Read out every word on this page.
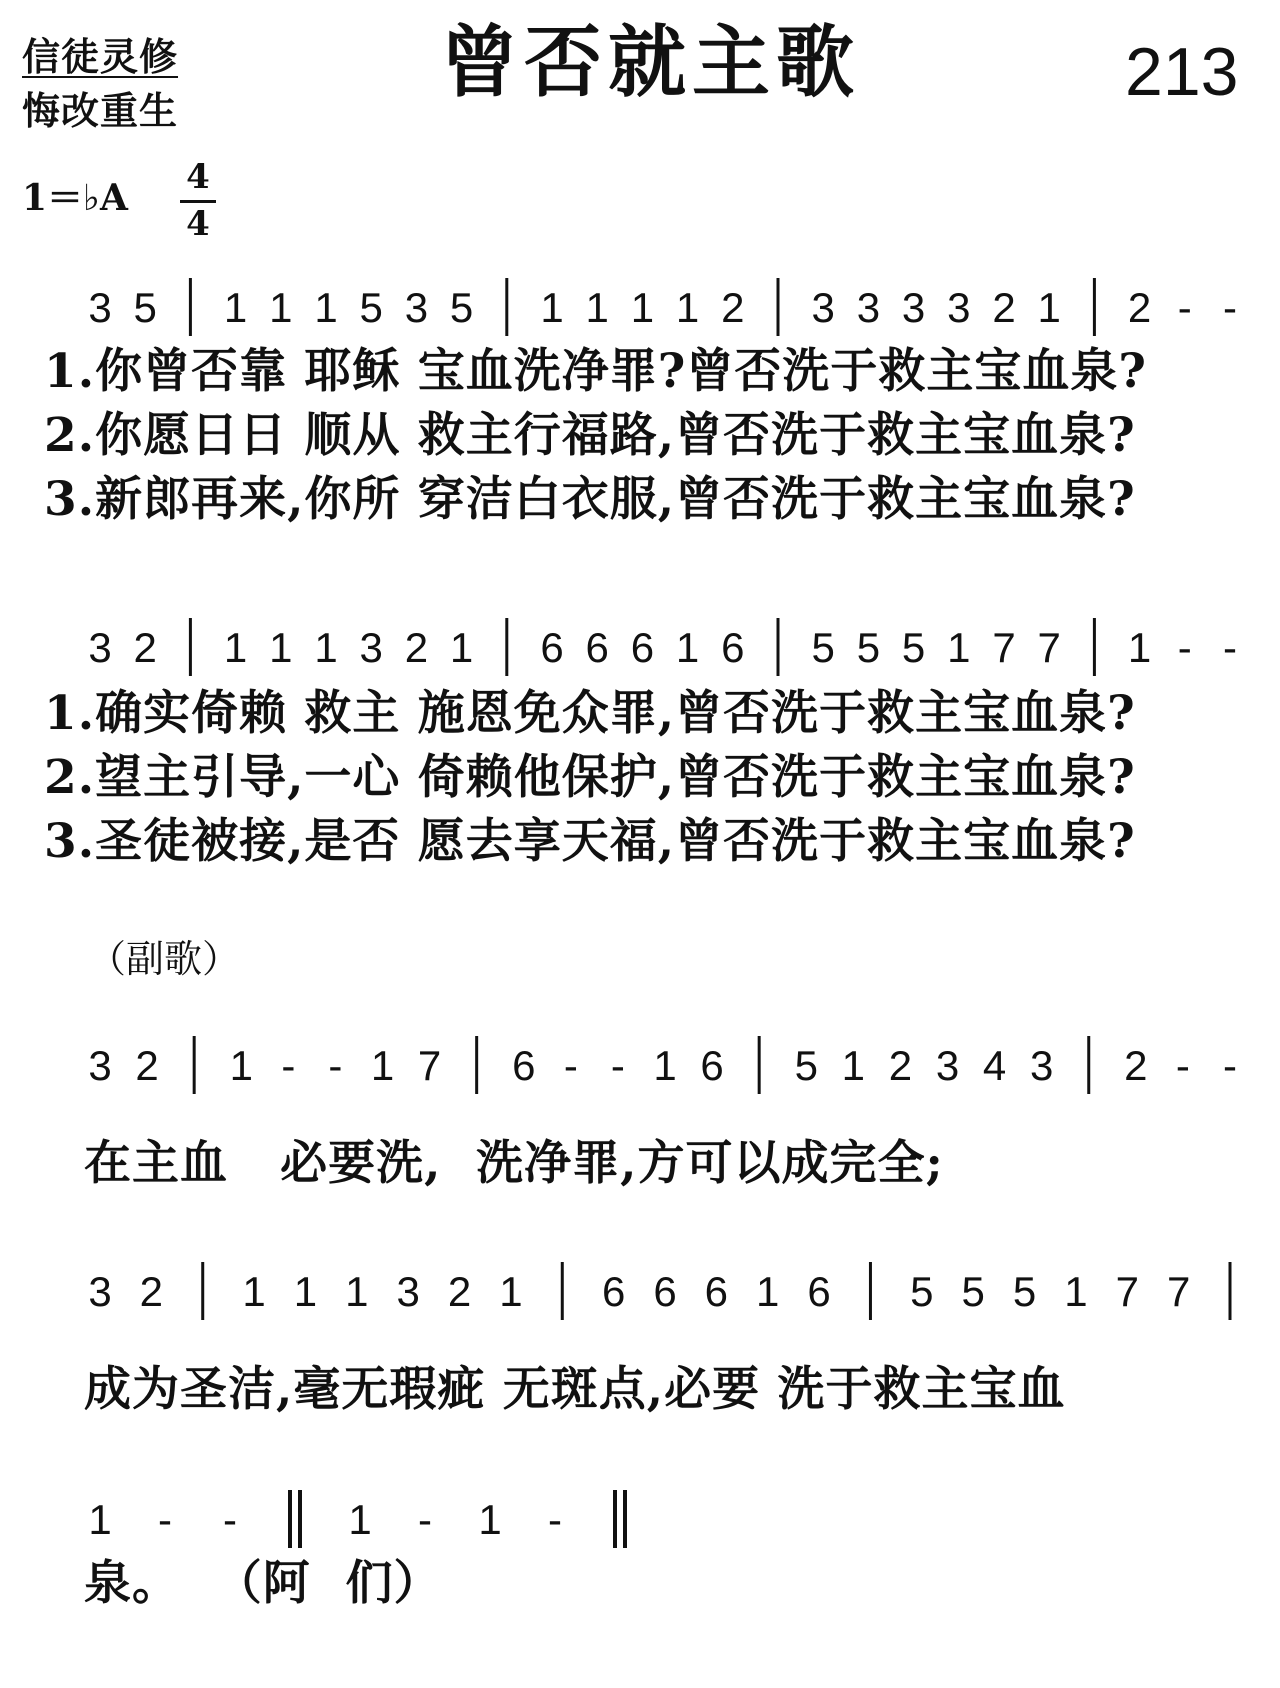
信徒灵修
悔改重生
曾否就主歌	213
1＝♭A 4
4
3 5 1 1 1 5 3 5 1 1 1 1 2 3 3 3 3 2 1 2 - -
3 2 1 1 1 3 2 1 6 6 6 1 6 5 5 5 1 7 7 1 - -
3 2 1 - - 1 7 6 - - 1 6 5 1 2 3 4 3 2 - -
3 2 1 1 1 3 2 1 6 6 6 1 6 5 5 5 1 7 7
1 - -	1 - 1 -
1.你曾否靠 耶稣 宝血洗净罪?曾否洗于救主宝血泉?
2.你愿日日 顺从 救主行福路,曾否洗于救主宝血泉?
3.新郎再来,你所 穿洁白衣服,曾否洗于救主宝血泉?
1.确实倚赖 救主 施恩免众罪,曾否洗于救主宝血泉?
2.望主引导,一心 倚赖他保护,曾否洗于救主宝血泉?
3.圣徒被接,是否 愿去享天福,曾否洗于救主宝血泉?
（副歌）
在主血   必要洗,  洗净罪,方可以成完全;
成为圣洁,毫无瑕疵 无斑点,必要 洗于救主宝血
泉。  （阿  们）
